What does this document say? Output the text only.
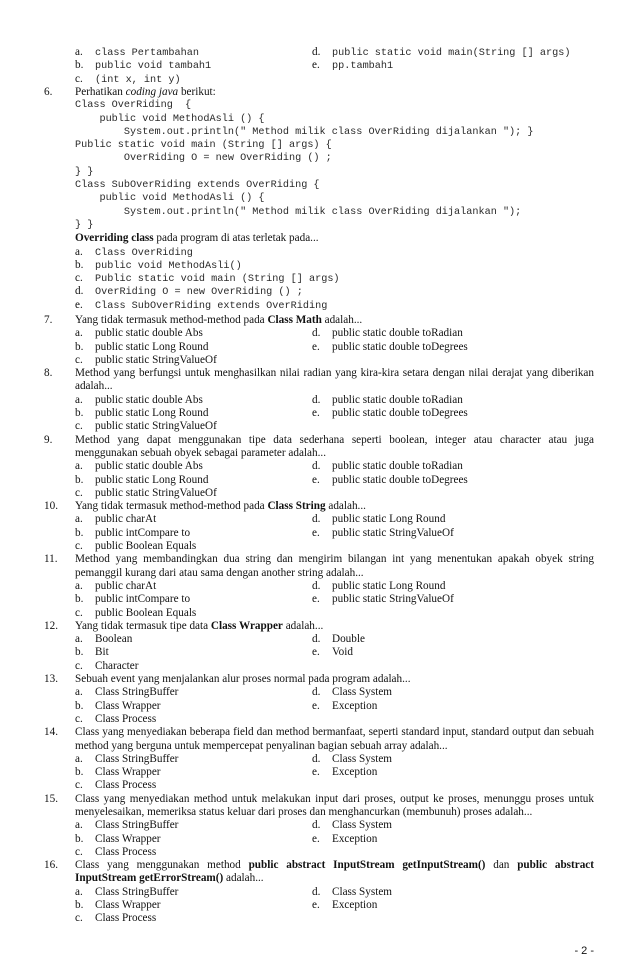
a. class Pertambahan	d. public static void main(String [] args)
b. public void tambah1	e. pp.tambah1
c. (int x, int y)
6.	Perhatikan coding java berikut:
Class OverRiding  {
public void MethodAsli () {
System.out.println(" Method milik class OverRiding dijalankan "); }
Public static void main (String [] args) {
OverRiding O = new OverRiding () ;
} }
Class SubOverRiding extends OverRiding {
public void MethodAsli () {
System.out.println(" Method milik class OverRiding dijalankan ");
} }
Overriding class pada program di atas terletak pada...
a. Class OverRiding
b. public void MethodAsli()
c. Public static void main (String [] args)
d. OverRiding O = new OverRiding () ;
e. Class SubOverRiding extends OverRiding
7.	Yang tidak termasuk method-method pada Class Math adalah...
a. public static double Abs	d. public static double toRadian
b. public static Long Round	e. public static double toDegrees
c. public static StringValueOf
8.	Method yang berfungsi untuk menghasilkan nilai radian yang kira-kira setara dengan nilai derajat yang diberikan adalah...
a. public static double Abs	d. public static double toRadian
b. public static Long Round	e. public static double toDegrees
c. public static StringValueOf
9.	Method yang dapat menggunakan tipe data sederhana seperti boolean, integer atau character atau juga menggunakan sebuah obyek sebagai parameter adalah...
a. public static double Abs	d. public static double toRadian
b. public static Long Round	e. public static double toDegrees
c. public static StringValueOf
10.	Yang tidak termasuk method-method pada Class String adalah...
a. public charAt	d. public static Long Round
b. public intCompare to	e. public static StringValueOf
c. public Boolean Equals
11.	Method yang membandingkan dua string dan mengirim bilangan int yang menentukan apakah obyek string pemanggil kurang dari atau sama dengan another string adalah...
a. public charAt	d. public static Long Round
b. public intCompare to	e. public static StringValueOf
c. public Boolean Equals
12.	Yang tidak termasuk tipe data Class Wrapper adalah...
a. Boolean	d. Double
b. Bit	e. Void
c. Character
13.	Sebuah event yang menjalankan alur proses normal pada program adalah...
a. Class StringBuffer	d. Class System
b. Class Wrapper	e. Exception
c. Class Process
14.	Class yang menyediakan beberapa field dan method bermanfaat, seperti standard input, standard output dan sebuah method yang berguna untuk mempercepat penyalinan bagian sebuah array adalah...
a. Class StringBuffer	d. Class System
b. Class Wrapper	e. Exception
c. Class Process
15.	Class yang menyediakan method untuk melakukan input dari proses, output ke proses, menunggu proses untuk menyelesaikan, memeriksa status keluar dari proses dan menghancurkan (membunuh) proses adalah...
a. Class StringBuffer	d. Class System
b. Class Wrapper	e. Exception
c. Class Process
16.	Class yang menggunakan method public abstract InputStream getInputStream() dan public abstract InputStream getErrorStream() adalah...
a. Class StringBuffer	d. Class System
b. Class Wrapper	e. Exception
c. Class Process
- 2 -
